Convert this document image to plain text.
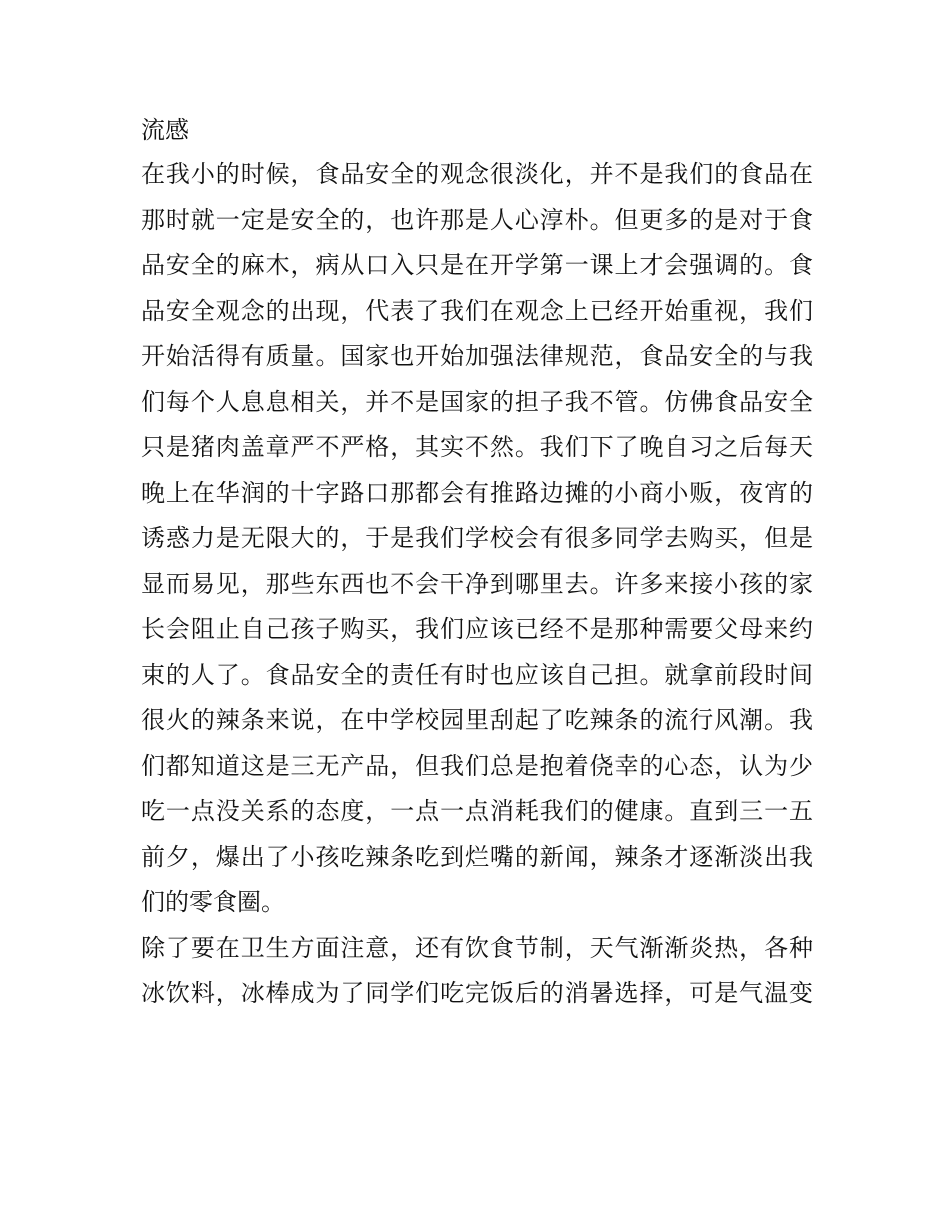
流感
在我小的时候，食品安全的观念很淡化，并不是我们的食品在
那时就一定是安全的，也许那是人心淳朴。但更多的是对于食
品安全的麻木，病从口入只是在开学第一课上才会强调的。食
品安全观念的出现，代表了我们在观念上已经开始重视，我们
开始活得有质量。国家也开始加强法律规范，食品安全的与我
们每个人息息相关，并不是国家的担子我不管。仿佛食品安全
只是猪肉盖章严不严格，其实不然。我们下了晚自习之后每天
晚上在华润的十字路口那都会有推路边摊的小商小贩，夜宵的
诱惑力是无限大的，于是我们学校会有很多同学去购买，但是
显而易见，那些东西也不会干净到哪里去。许多来接小孩的家
长会阻止自己孩子购买，我们应该已经不是那种需要父母来约
束的人了。食品安全的责任有时也应该自己担。就拿前段时间
很火的辣条来说，在中学校园里刮起了吃辣条的流行风潮。我
们都知道这是三无产品，但我们总是抱着侥幸的心态，认为少
吃一点没关系的态度，一点一点消耗我们的健康。直到三一五
前夕，爆出了小孩吃辣条吃到烂嘴的新闻，辣条才逐渐淡出我
们的零食圈。
除了要在卫生方面注意，还有饮食节制，天气渐渐炎热，各种
冰饮料，冰棒成为了同学们吃完饭后的消暑选择，可是气温变
